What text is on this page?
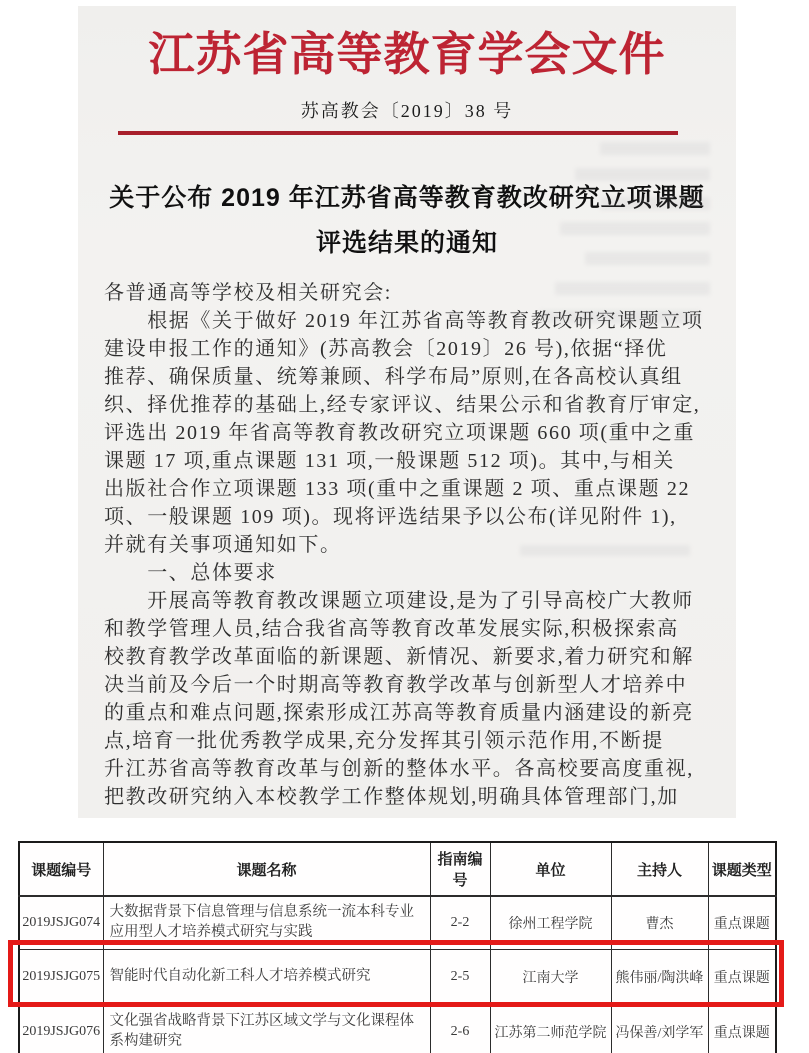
江苏省高等教育学会文件
苏高教会〔2019〕38 号
关于公布 2019 年江苏省高等教育教改研究立项课题
评选结果的通知
各普通高等学校及相关研究会:
　　根据《关于做好 2019 年江苏省高等教育教改研究课题立项
建设申报工作的通知》(苏高教会〔2019〕26 号),依据“择优
推荐、确保质量、统筹兼顾、科学布局”原则,在各高校认真组
织、择优推荐的基础上,经专家评议、结果公示和省教育厅审定,
评选出 2019 年省高等教育教改研究立项课题 660 项(重中之重
课题 17 项,重点课题 131 项,一般课题 512 项)。其中,与相关
出版社合作立项课题 133 项(重中之重课题 2 项、重点课题 22
项、一般课题 109 项)。现将评选结果予以公布(详见附件 1),
并就有关事项通知如下。
　　一、总体要求
　　开展高等教育教改课题立项建设,是为了引导高校广大教师
和教学管理人员,结合我省高等教育改革发展实际,积极探索高
校教育教学改革面临的新课题、新情况、新要求,着力研究和解
决当前及今后一个时期高等教育教学改革与创新型人才培养中
的重点和难点问题,探索形成江苏高等教育质量内涵建设的新亮
点,培育一批优秀教学成果,充分发挥其引领示范作用,不断提
升江苏省高等教育改革与创新的整体水平。各高校要高度重视,
把教改研究纳入本校教学工作整体规划,明确具体管理部门,加
课题编号	课题名称	指南编号	单位	主持人	课题类型
2019JSJG074	大数据背景下信息管理与信息系统一流本科专业应用型人才培养模式研究与实践	2-2	徐州工程学院	曹杰	重点课题
2019JSJG075	智能时代自动化新工科人才培养模式研究	2-5	江南大学	熊伟丽/陶洪峰	重点课题
2019JSJG076	文化强省战略背景下江苏区域文学与文化课程体系构建研究	2-6	江苏第二师范学院	冯保善/刘学军	重点课题
